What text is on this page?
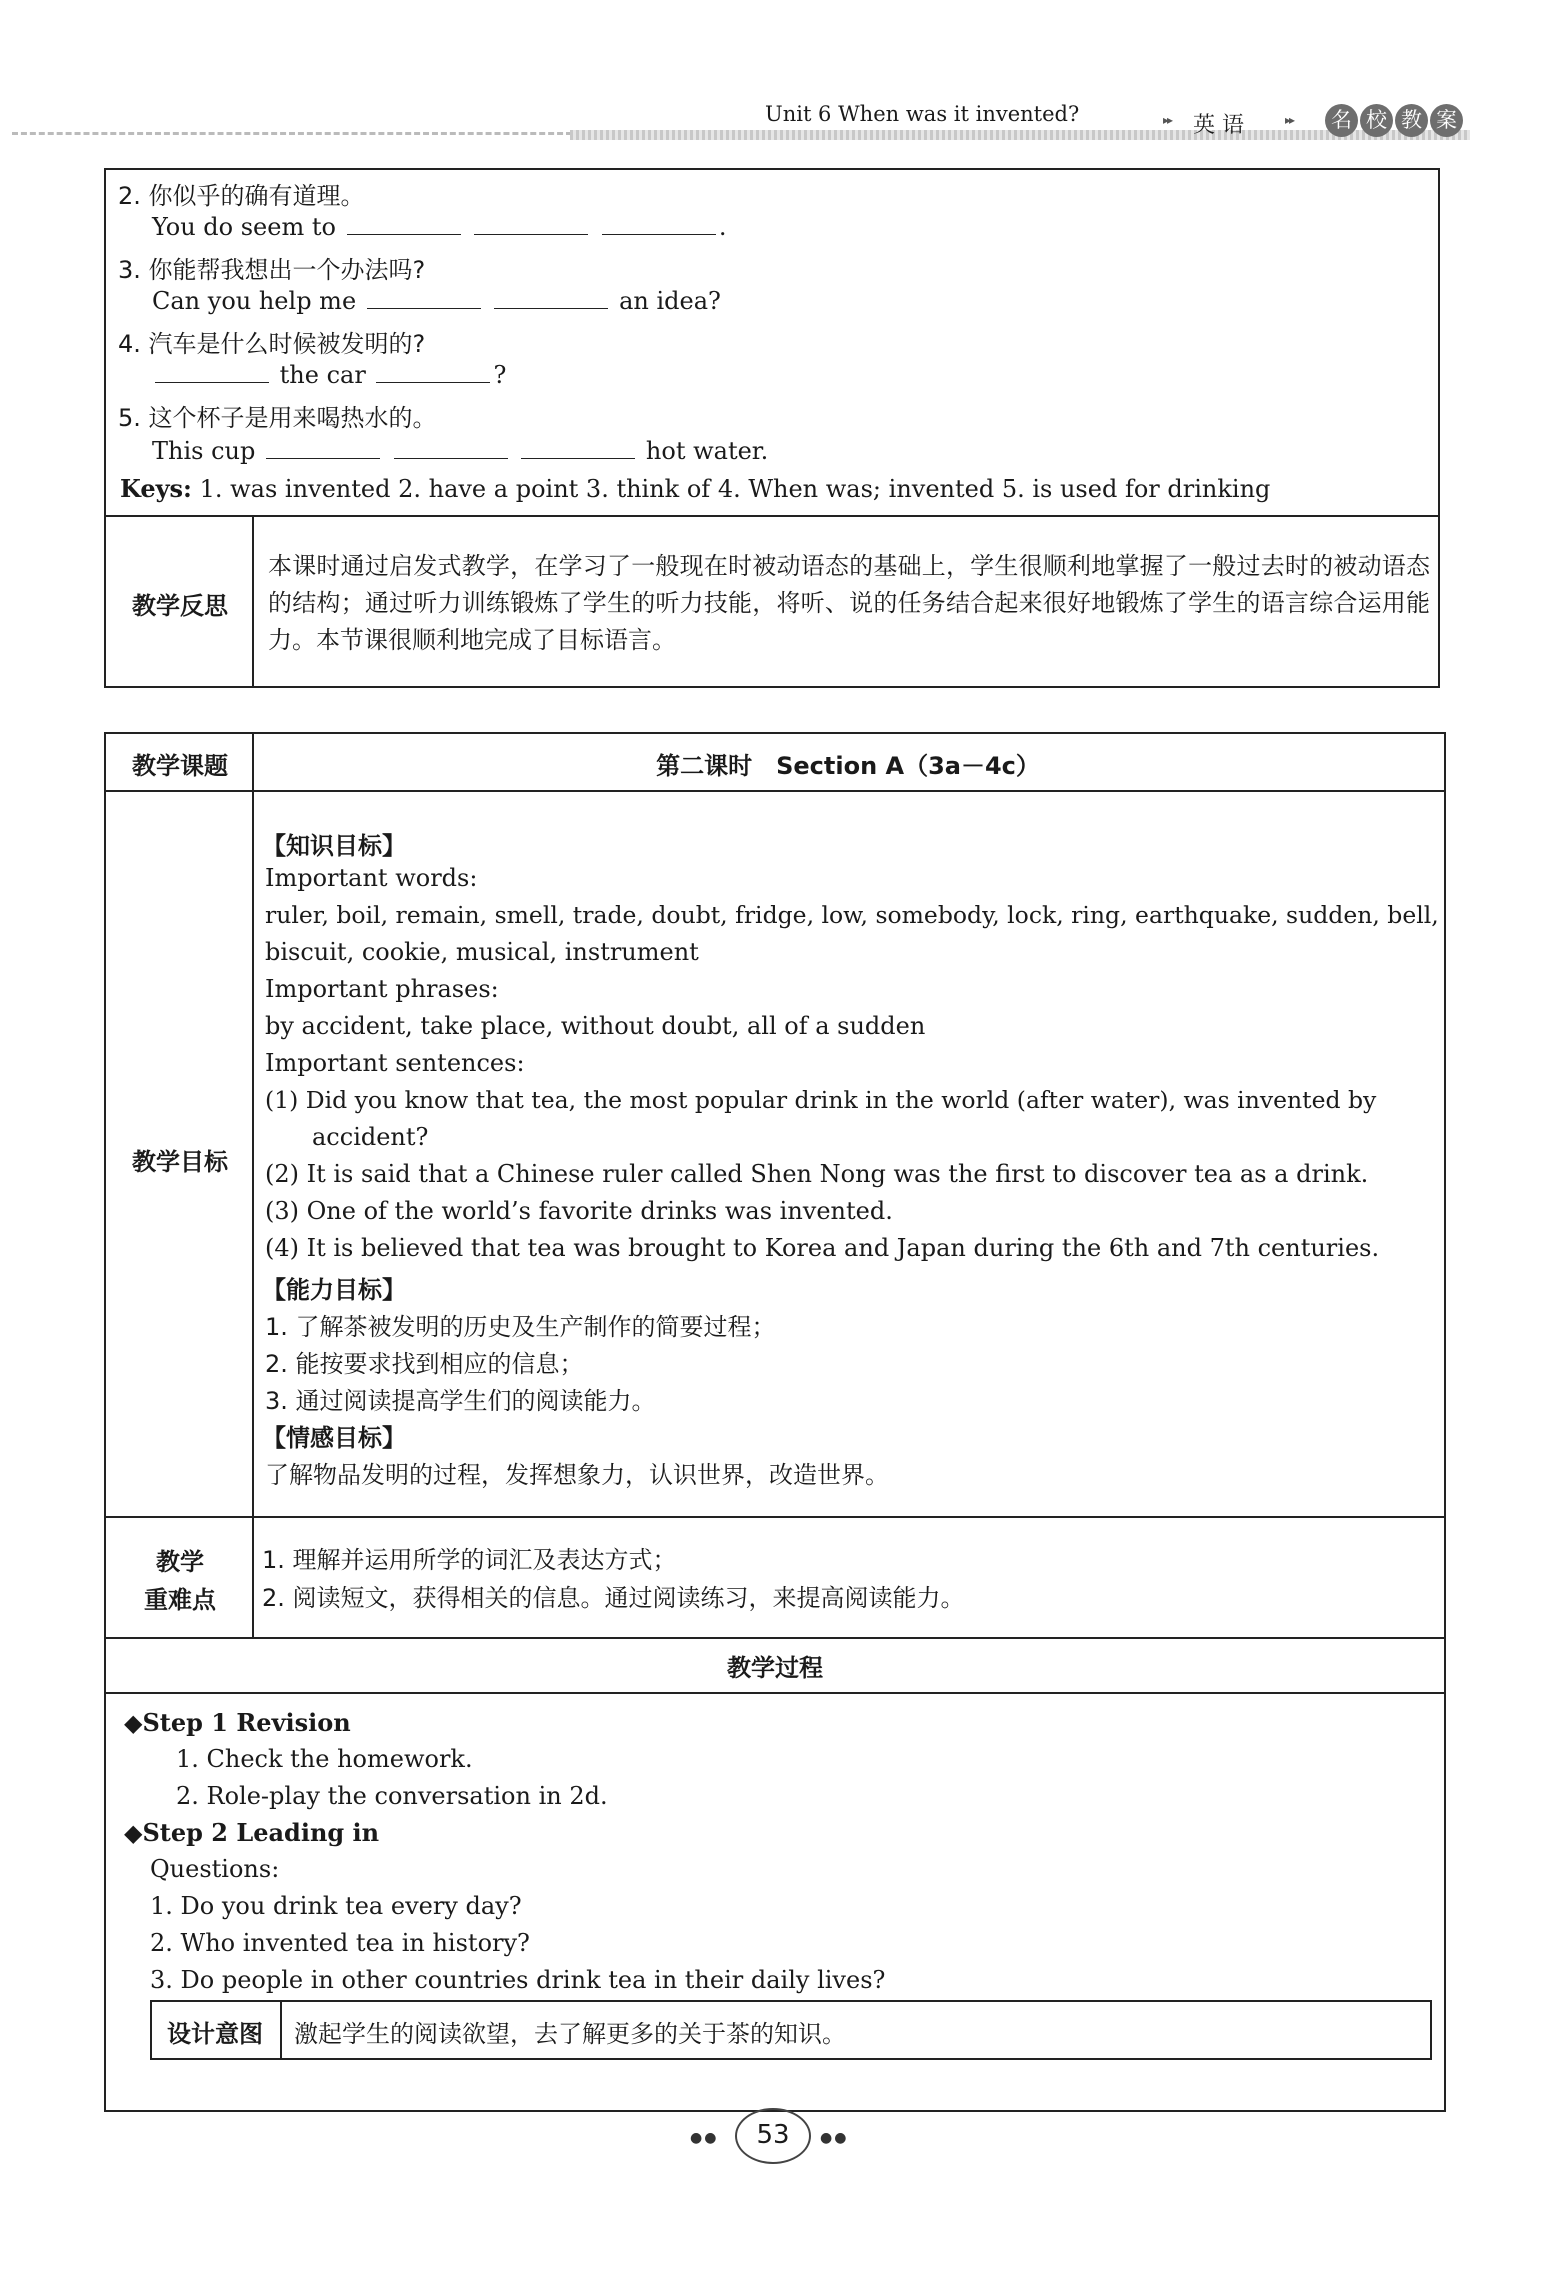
Unit 6 When was it invented?	▸▸ 英 语	▸▸ 名 校 教 案
2. 你似乎的确有道理。
You do seem to	.
3. 你能帮我想出一个办法吗?
Can you help me	an idea?
4. 汽车是什么时候被发明的?
the car	?
5. 这个杯子是用来喝热水的。
This cup	hot water.
Keys: 1. was invented 2. have a point 3. think of 4. When was; invented 5. is used for drinking
教学反思
本课时通过启发式教学，在学习了一般现在时被动语态的基础上，学生很顺利地掌握了一般过去时的被动语态的结构；通过听力训练锻炼了学生的听力技能，将听、说的任务结合起来很好地锻炼了学生的语言综合运用能力。本节课很顺利地完成了目标语言。
教学课题	第二课时　Section A（3a－4c）
教学目标
【知识目标】
Important words:
ruler, boil, remain, smell, trade, doubt, fridge, low, somebody, lock, ring, earthquake, sudden, bell,
biscuit, cookie, musical, instrument
Important phrases:
by accident, take place, without doubt, all of a sudden
Important sentences:
(1) Did you know that tea, the most popular drink in the world (after water), was invented by
accident?
(2) It is said that a Chinese ruler called Shen Nong was the first to discover tea as a drink.
(3) One of the world’s favorite drinks was invented.
(4) It is believed that tea was brought to Korea and Japan during the 6th and 7th centuries.
【能力目标】
1. 了解茶被发明的历史及生产制作的简要过程；
2. 能按要求找到相应的信息；
3. 通过阅读提高学生们的阅读能力。
【情感目标】
了解物品发明的过程，发挥想象力，认识世界，改造世界。
教学
重难点
1. 理解并运用所学的词汇及表达方式；
2. 阅读短文，获得相关的信息。通过阅读练习，来提高阅读能力。
教学过程
◆Step 1 Revision
1. Check the homework.
2. Role-play the conversation in 2d.
◆Step 2 Leading in
Questions:
1. Do you drink tea every day?
2. Who invented tea in history?
3. Do people in other countries drink tea in their daily lives?
设计意图	激起学生的阅读欲望，去了解更多的关于茶的知识。
●●	53	●●
